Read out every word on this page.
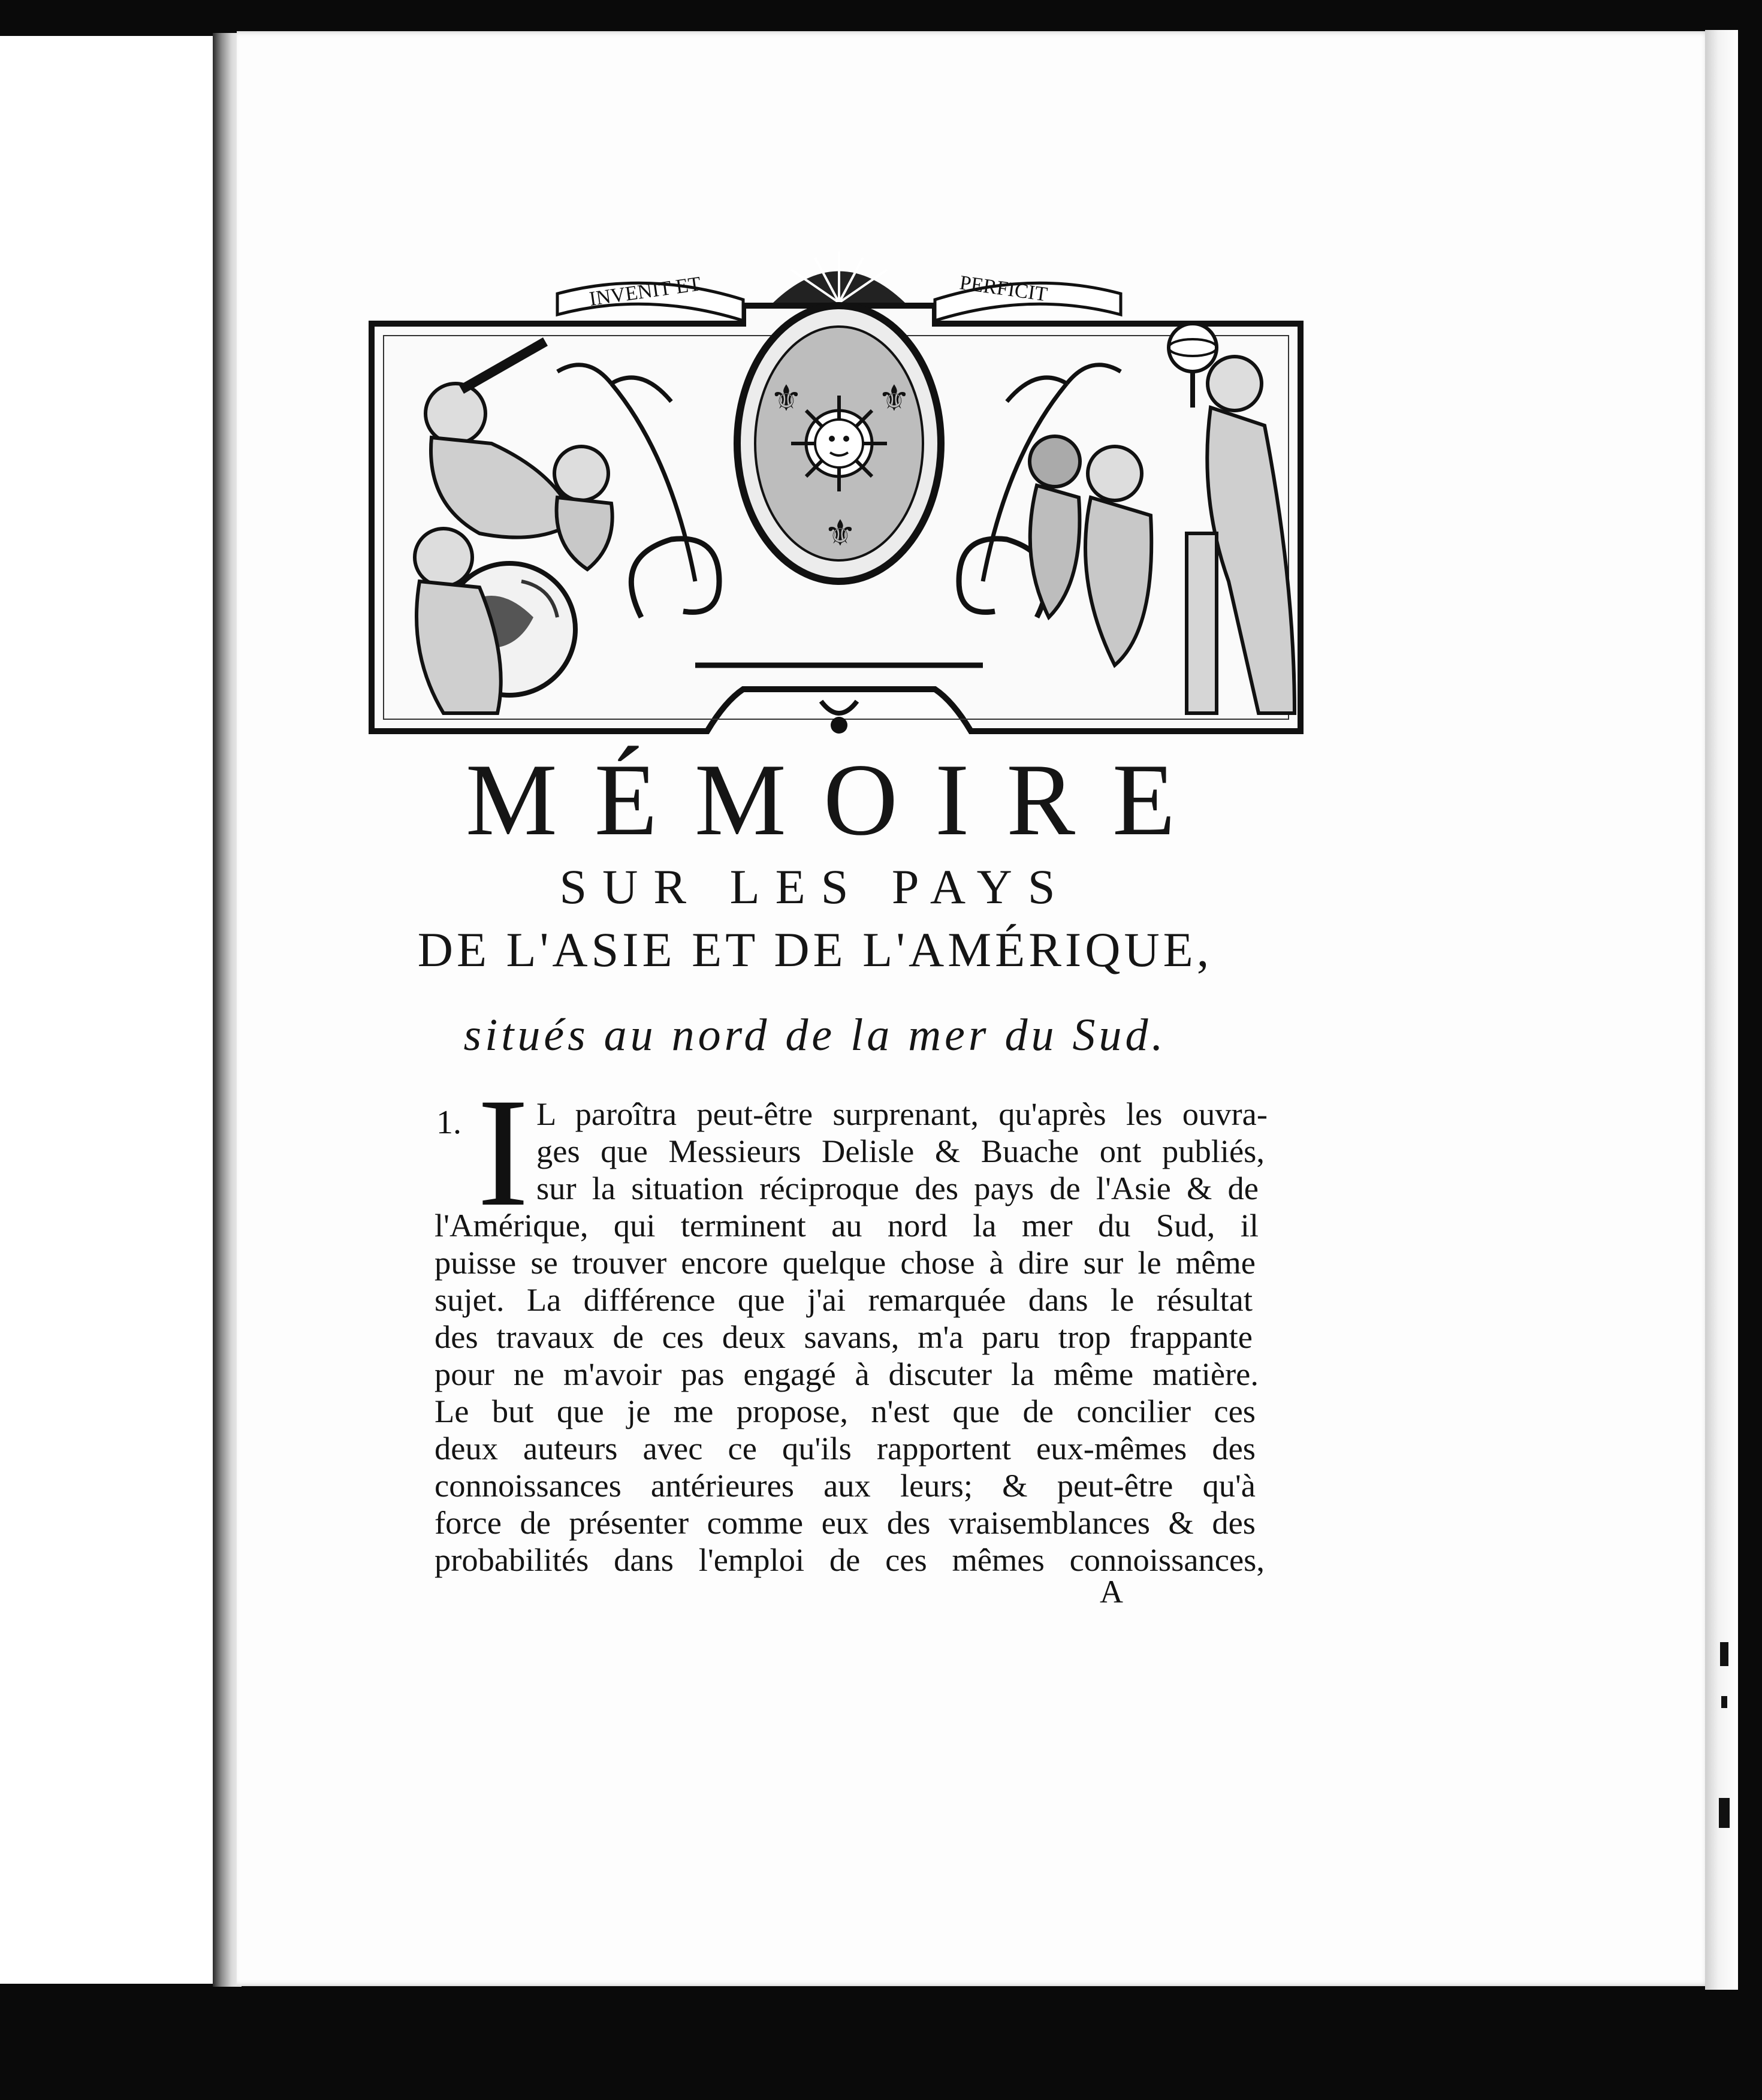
INVENIT ET	PERFICIT
⚜ ⚜
⚜
MÉMOIRE
SUR LES PAYS
DE L'ASIE ET DE L'AMÉRIQUE,
situés au nord de la mer du Sud.
1. I L paroîtra peut-être surprenant, qu'après les ouvra-
ges que Messieurs Delisle & Buache ont publiés,
sur la situation réciproque des pays de l'Asie & de
l'Amérique, qui terminent au nord la mer du Sud, il
puisse se trouver encore quelque chose à dire sur le même
sujet. La différence que j'ai remarquée dans le résultat
des travaux de ces deux savans, m'a paru trop frappante
pour ne m'avoir pas engagé à discuter la même matière.
Le but que je me propose, n'est que de concilier ces
deux auteurs avec ce qu'ils rapportent eux-mêmes des
connoissances antérieures aux leurs; & peut-être qu'à
force de présenter comme eux des vraisemblances & des
probabilités dans l'emploi de ces mêmes connoissances,
A
